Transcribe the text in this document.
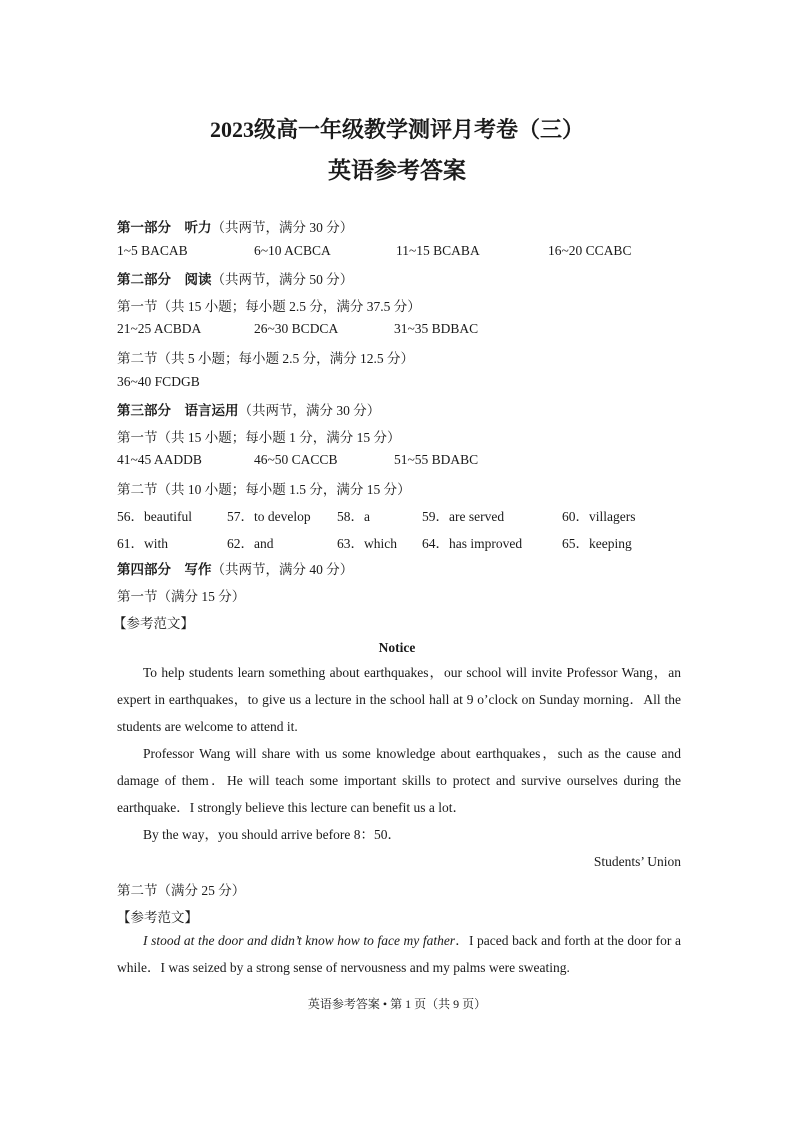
2023级高一年级教学测评月考卷（三）
英语参考答案
第一部分　听力（共两节，满分 30 分）
1~5 BACAB	6~10 ACBCA	11~15 BCABA	16~20 CCABC
第二部分　阅读（共两节，满分 50 分）
第一节（共 15 小题；每小题 2.5 分，满分 37.5 分）
21~25 ACBDA	26~30 BCDCA	31~35 BDBAC
第二节（共 5 小题；每小题 2.5 分，满分 12.5 分）
36~40 FCDGB
第三部分　语言运用（共两节，满分 30 分）
第一节（共 15 小题；每小题 1 分，满分 15 分）
41~45 AADDB	46~50 CACCB	51~55 BDABC
第二节（共 10 小题；每小题 1.5 分，满分 15 分）
56．beautiful	57．to develop 58．a	59．are served	60．villagers
61．with	62．and	63．which 64．has improved	65．keeping
第四部分　写作（共两节，满分 40 分）
第一节（满分 15 分）
【参考范文】
Notice
To help students learn something about earthquakes，our school will invite Professor Wang，an expert in earthquakes，to give us a lecture in the school hall at 9 o’clock on Sunday morning．All the students are welcome to attend it.
Professor Wang will share with us some knowledge about earthquakes，such as the cause and damage of them．He will teach some important skills to protect and survive ourselves during the earthquake．I strongly believe this lecture can benefit us a lot．
By the way，you should arrive before 8：50．
Students’ Union
第二节（满分 25 分）
【参考范文】
I stood at the door and didn’t know how to face my father．I paced back and forth at the door for a while．I was seized by a strong sense of nervousness and my palms were sweating.
英语参考答案 • 第 1 页（共 9 页）
